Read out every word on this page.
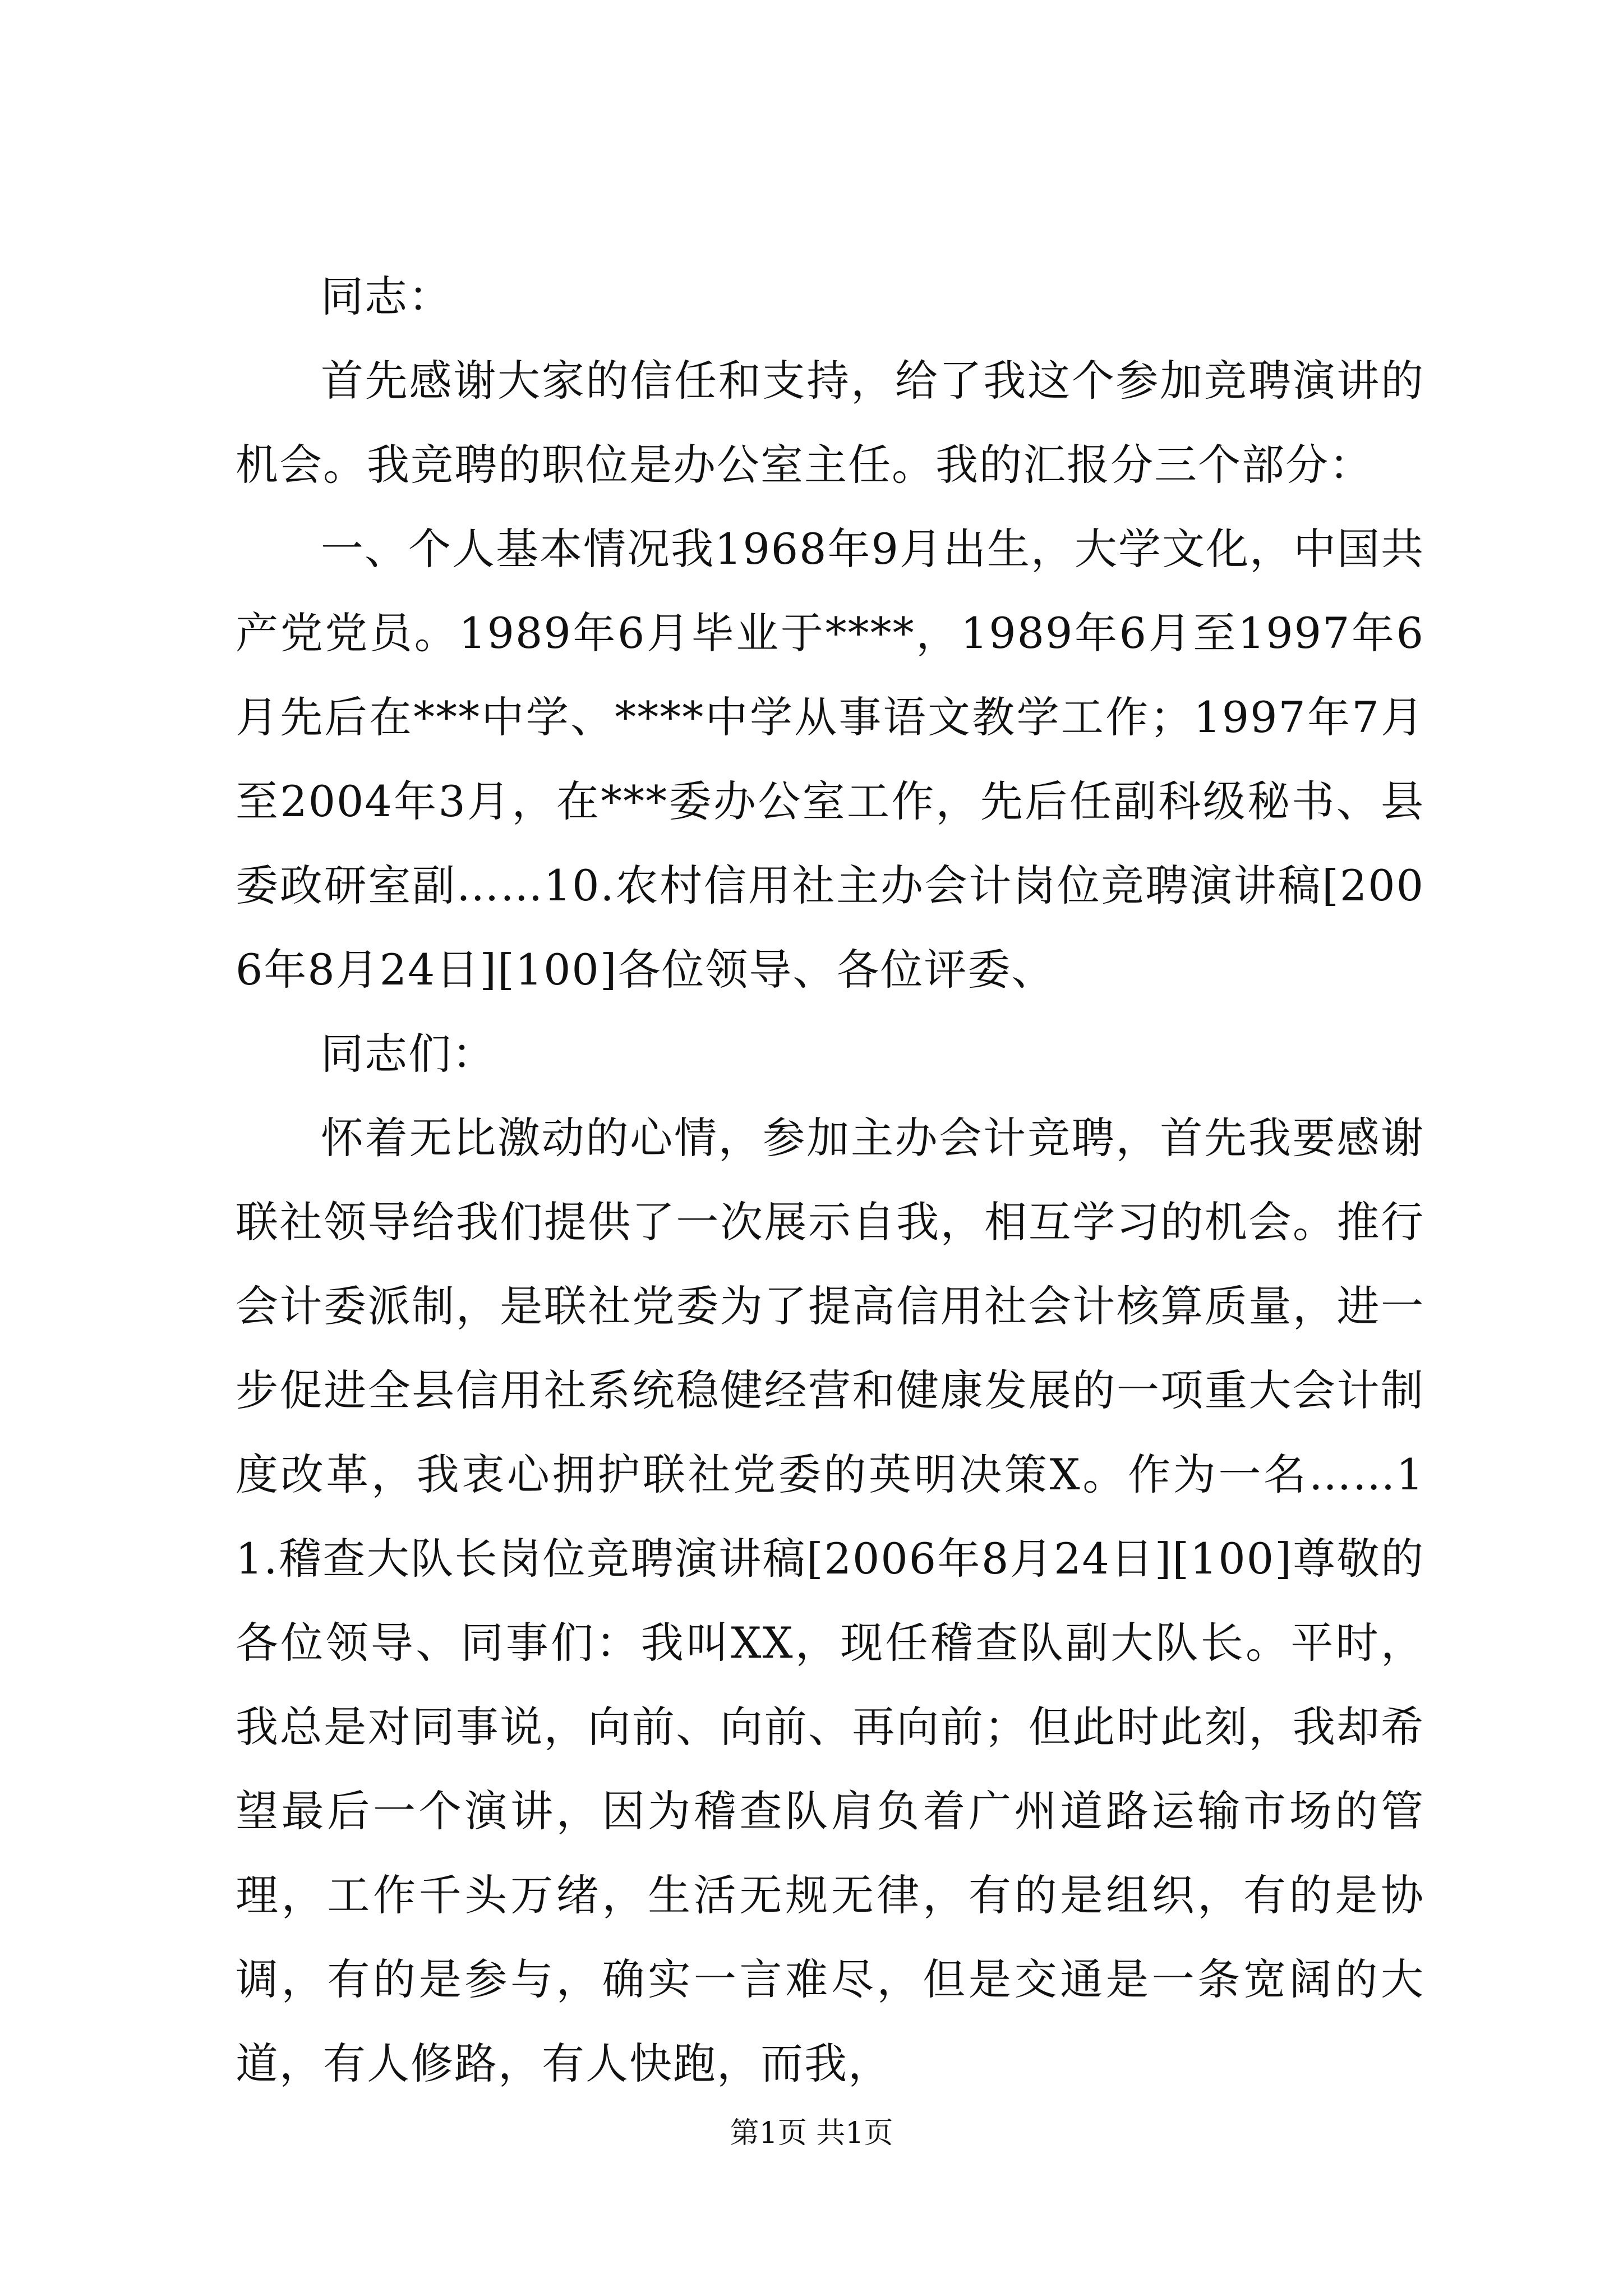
同志：

首先感谢大家的信任和支持，给了我这个参加竞聘演讲的机会。我竞聘的职位是办公室主任。我的汇报分三个部分：

一、个人基本情况我1968年9月出生，大学文化，中国共产党党员。1989年6月毕业于****，1989年6月至1997年6月先后在***中学、****中学从事语文教学工作；1997年7月至2004年3月，在***委办公室工作，先后任副科级秘书、县委政研室副……10.农村信用社主办会计岗位竞聘演讲稿[2006年8月24日][100]各位领导、各位评委、

同志们：

怀着无比激动的心情，参加主办会计竞聘，首先我要感谢联社领导给我们提供了一次展示自我，相互学习的机会。推行会计委派制，是联社党委为了提高信用社会计核算质量，进一步促进全县信用社系统稳健经营和健康发展的一项重大会计制度改革，我衷心拥护联社党委的英明决策X。作为一名……11.稽查大队长岗位竞聘演讲稿[2006年8月24日][100]尊敬的各位领导、同事们：我叫XX，现任稽查队副大队长。平时，我总是对同事说，向前、向前、再向前；但此时此刻，我却希望最后一个演讲，因为稽查队肩负着广州道路运输市场的管理，工作千头万绪，生活无规无律，有的是组织，有的是协调，有的是参与，确实一言难尽，但是交通是一条宽阔的大道，有人修路，有人快跑，而我，

第1页 共1页
